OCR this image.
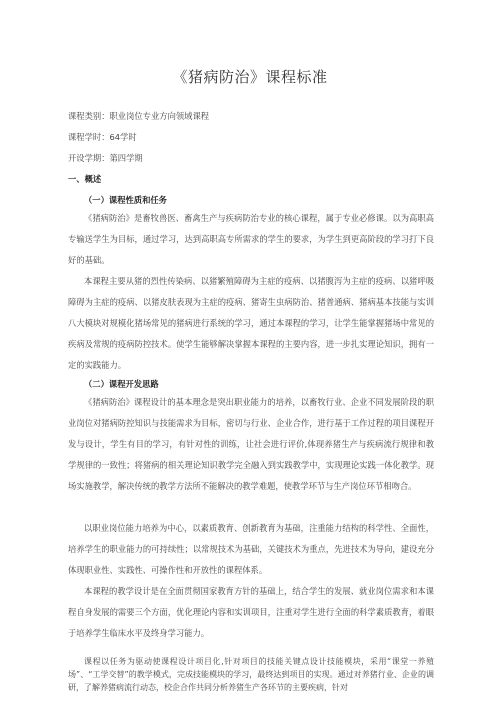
《猪病防治》课程标准
课程类别：职业岗位专业方向领域课程
课程学时：64学时
开设学期：第四学期
一、概述
（一）课程性质和任务

《猪病防治》是畜牧兽医、畜禽生产与疾病防治专业的核心课程，属于专业必修课。以为高职高专输送学生为目标，通过学习，达到高职高专所需求的学生的要求，为学生到更高阶段的学习打下良好的基础。

本课程主要从猪的烈性传染病、以猪繁殖障碍为主症的疫病、以猪腹泻为主症的疫病、以猪呼吸障碍为主症的疫病、以猪皮肤表现为主症的疫病、猪寄生虫病防治、猪普通病、猪病基本技能与实训八大模块对规模化猪场常见的猪病进行系统的学习，通过本课程的学习，让学生能掌握猪场中常见的疾病及常规的疫病防控技术。使学生能够解决掌握本课程的主要内容，进一步扎实理论知识，拥有一定的实践能力。

（二）课程开发思路

《猪病防治》课程设计的基本理念是突出职业能力的培养，以畜牧行业、企业不同发展阶段的职业岗位对猪病防控知识与技能需求为目标，密切与行业、企业合作，进行基于工作过程的项目课程开发与设计，学生有目的学习，有针对性的训练，让社会进行评价,体现养猪生产与疾病流行规律和教学规律的一致性；将猪病的相关理论知识教学完全融入到实践教学中，实现理论实践一体化教学。现场实施教学，解决传统的教学方法所不能解决的教学难题，使教学环节与生产岗位环节相吻合。

以职业岗位能力培养为中心，以素质教育、创新教育为基础，注重能力结构的科学性、全面性，培养学生的职业能力的可持续性；以常规技术为基础，关键技术为重点，先进技术为导向，建设充分体现职业性、实践性、可操作性和开放性的课程体系。

本课程的教学设计是在全面贯彻国家教育方针的基础上，结合学生的发展、就业岗位需求和本课程自身发展的需要三个方面，优化理论内容和实训项目，注重对学生进行全面的科学素质教育，着眼于培养学生临床水平及终身学习能力。

课程以任务为驱动使课程设计项目化,针对项目的技能关键点设计技能模块，采用“课堂一养殖场”、“工学交替”的教学模式，完成技能模块的学习，最终达到项目的实现。通过对养猪行业、企业的调研，了解养猪病流行动态，校企合作共同分析养猪生产各环节的主要疾病，针对
